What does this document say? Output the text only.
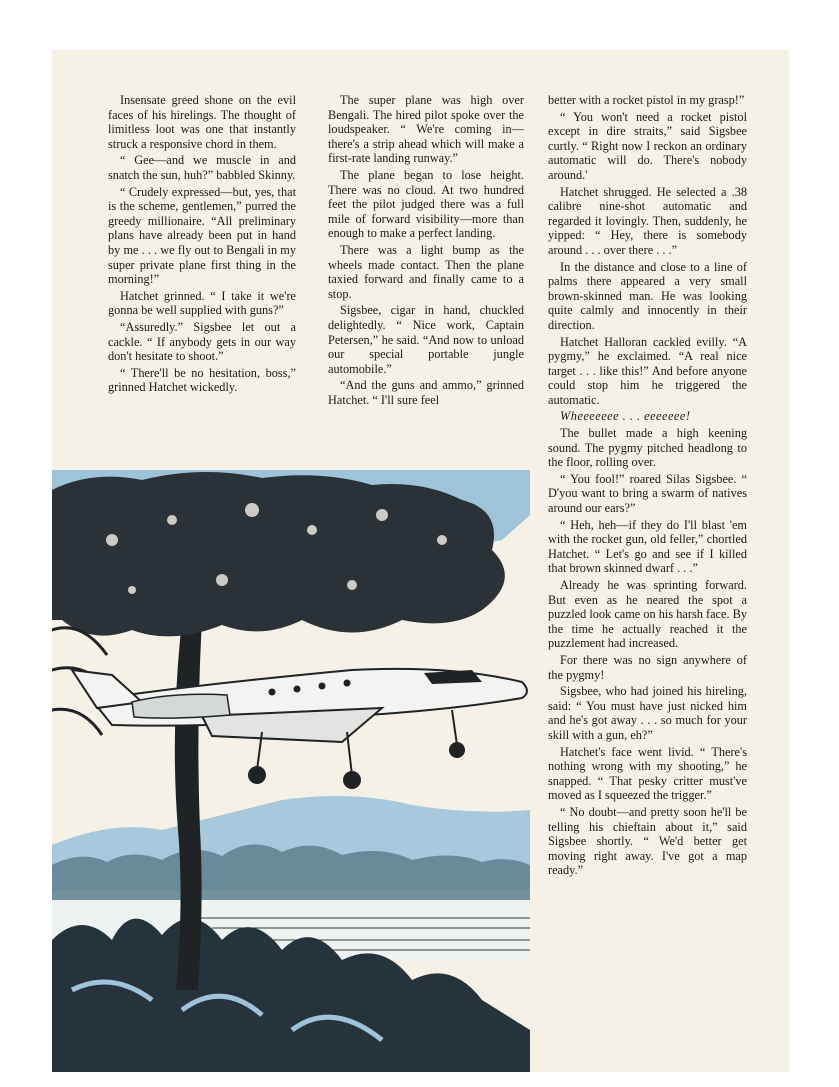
Insensate greed shone on the evil faces of his hirelings. The thought of limitless loot was one that instantly struck a responsive chord in them.

“ Gee—and we muscle in and snatch the sun, huh?” babbled Skinny.

“ Crudely expressed—but, yes, that is the scheme, gentlemen,” purred the greedy millionaire. “All preliminary plans have already been put in hand by me . . . we fly out to Bengali in my super private plane first thing in the morning!”

Hatchet grinned. “ I take it we're gonna be well supplied with guns?”

“Assuredly.” Sigsbee let out a cackle. “ If anybody gets in our way don't hesitate to shoot.”

“ There'll be no hesitation, boss,” grinned Hatchet wickedly.

The super plane was high over Bengali. The hired pilot spoke over the loudspeaker. “ We're coming in—there's a strip ahead which will make a first-rate landing runway.”

The plane began to lose height. There was no cloud. At two hundred feet the pilot judged there was a full mile of forward visibility—more than enough to make a perfect landing.

There was a light bump as the wheels made contact. Then the plane taxied forward and finally came to a stop.

Sigsbee, cigar in hand, chuckled delightedly. “ Nice work, Captain Petersen,” he said. “And now to unload our special portable jungle automobile.”

“And the guns and ammo,” grinned Hatchet. “ I'll sure feel

better with a rocket pistol in my grasp!”

“ You won't need a rocket pistol except in dire straits,” said Sigsbee curtly. “ Right now I reckon an ordinary automatic will do. There's nobody around.'

Hatchet shrugged. He selected a .38 calibre nine-shot automatic and regarded it lovingly. Then, suddenly, he yipped: “ Hey, there is somebody around . . . over there . . .”

In the distance and close to a line of palms there appeared a very small brown-skinned man. He was looking quite calmly and innocently in their direction.

Hatchet Halloran cackled evilly. “A pygmy,” he exclaimed. “A real nice target . . . like this!” And before anyone could stop him he triggered the automatic.

Wheeeeeee . . . eeeeeee!

The bullet made a high keening sound. The pygmy pitched headlong to the floor, rolling over.

“ You fool!” roared Silas Sigsbee. “ D'you want to bring a swarm of natives around our ears?”

“ Heh, heh—if they do I'll blast 'em with the rocket gun, old feller,” chortled Hatchet. “ Let's go and see if I killed that brown skinned dwarf . . .”

Already he was sprinting forward. But even as he neared the spot a puzzled look came on his harsh face. By the time he actually reached it the puzzlement had increased.

For there was no sign anywhere of the pygmy!

Sigsbee, who had joined his hireling, said: “ You must have just nicked him and he's got away . . . so much for your skill with a gun, eh?”

Hatchet's face went livid. “ There's nothing wrong with my shooting,” he snapped. “ That pesky critter must've moved as I squeezed the trigger.”

“ No doubt—and pretty soon he'll be telling his chieftain about it,” said Sigsbee shortly. “ We'd better get moving right away. I've got a map ready.”
